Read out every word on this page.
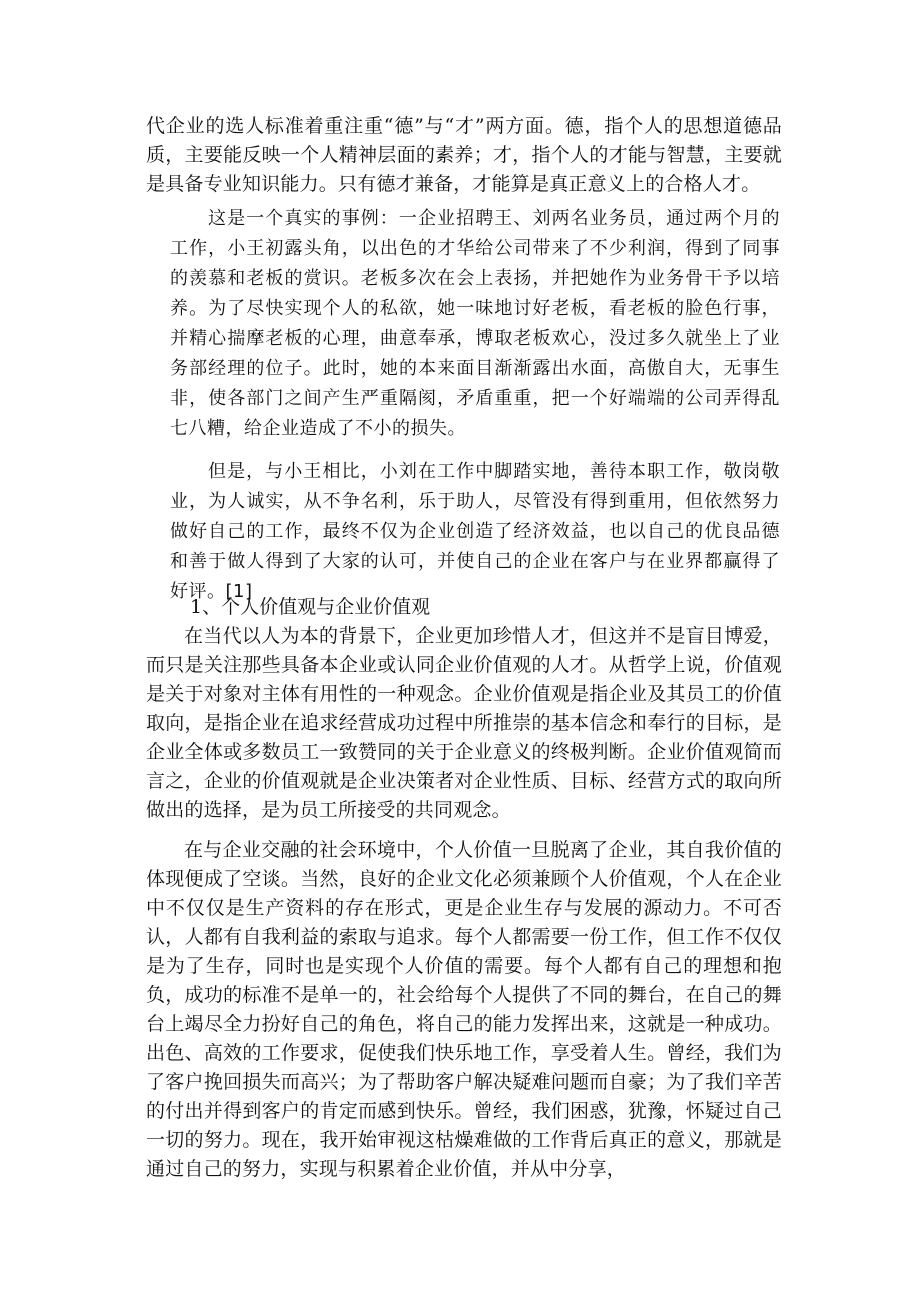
代企业的选人标准着重注重“德”与“才”两方面。德，指个人的思想道德品质，主要能反映一个人精神层面的素养；才，指个人的才能与智慧，主要就是具备专业知识能力。只有德才兼备，才能算是真正意义上的合格人才。

这是一个真实的事例：一企业招聘王、刘两名业务员，通过两个月的工作，小王初露头角，以出色的才华给公司带来了不少利润，得到了同事的羡慕和老板的赏识。老板多次在会上表扬，并把她作为业务骨干予以培养。为了尽快实现个人的私欲，她一味地讨好老板，看老板的脸色行事，并精心揣摩老板的心理，曲意奉承，博取老板欢心，没过多久就坐上了业务部经理的位子。此时，她的本来面目渐渐露出水面，高傲自大，无事生非，使各部门之间产生严重隔阂，矛盾重重，把一个好端端的公司弄得乱七八糟，给企业造成了不小的损失。

但是，与小王相比，小刘在工作中脚踏实地，善待本职工作，敬岗敬业，为人诚实，从不争名利，乐于助人，尽管没有得到重用，但依然努力做好自己的工作，最终不仅为企业创造了经济效益，也以自己的优良品德和善于做人得到了大家的认可，并使自己的企业在客户与在业界都赢得了好评。[1]

1、个人价值观与企业价值观

在当代以人为本的背景下，企业更加珍惜人才，但这并不是盲目博爱，而只是关注那些具备本企业或认同企业价值观的人才。从哲学上说，价值观是关于对象对主体有用性的一种观念。企业价值观是指企业及其员工的价值取向，是指企业在追求经营成功过程中所推崇的基本信念和奉行的目标，是企业全体或多数员工一致赞同的关于企业意义的终极判断。企业价值观简而言之，企业的价值观就是企业决策者对企业性质、目标、经营方式的取向所做出的选择，是为员工所接受的共同观念。

在与企业交融的社会环境中，个人价值一旦脱离了企业，其自我价值的体现便成了空谈。当然，良好的企业文化必须兼顾个人价值观，个人在企业中不仅仅是生产资料的存在形式，更是企业生存与发展的源动力。不可否认，人都有自我利益的索取与追求。每个人都需要一份工作，但工作不仅仅是为了生存，同时也是实现个人价值的需要。每个人都有自己的理想和抱负，成功的标准不是单一的，社会给每个人提供了不同的舞台，在自己的舞台上竭尽全力扮好自己的角色，将自己的能力发挥出来，这就是一种成功。出色、高效的工作要求，促使我们快乐地工作，享受着人生。曾经，我们为了客户挽回损失而高兴；为了帮助客户解决疑难问题而自豪；为了我们辛苦的付出并得到客户的肯定而感到快乐。曾经，我们困惑，犹豫，怀疑过自己一切的努力。现在，我开始审视这枯燥难做的工作背后真正的意义，那就是通过自己的努力，实现与积累着企业价值，并从中分享，
